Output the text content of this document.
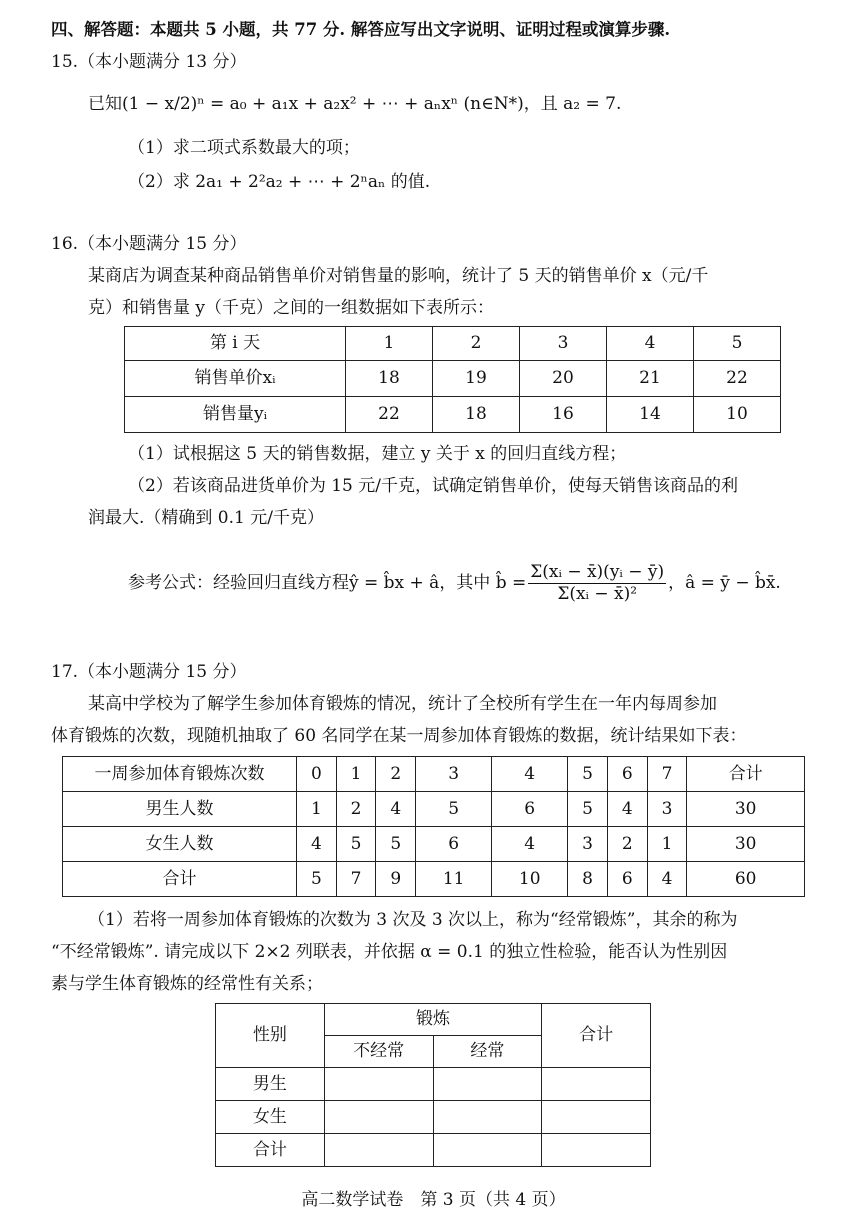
四、解答题：本题共 5 小题，共 77 分. 解答应写出文字说明、证明过程或演算步骤.
15.（本小题满分 13 分）
已知(1 − x/2)ⁿ = a₀ + a₁x + a₂x² + ⋯ + aₙxⁿ (n∈N*)，且 a₂ = 7.
（1）求二项式系数最大的项；
（2）求 2a₁ + 2²a₂ + ⋯ + 2ⁿaₙ 的值.
16.（本小题满分 15 分）
某商店为调查某种商品销售单价对销售量的影响，统计了 5 天的销售单价 x（元/千
克）和销售量 y（千克）之间的一组数据如下表所示：
第 i 天	1	2	3	4	5
销售单价xᵢ	18	19	20	21	22
销售量yᵢ	22	18	16	14	10
（1）试根据这 5 天的销售数据，建立 y 关于 x 的回归直线方程；
（2）若该商品进货单价为 15 元/千克，试确定销售单价，使每天销售该商品的利
润最大.（精确到 0.1 元/千克）
参考公式：经验回归直线方程 ŷ = b̂x + â，其中 b̂ = $\frac{\text{Σ(xᵢ − x̄)(yᵢ − ȳ)}}{\text{Σ(xᵢ − x̄)²}}$ ，â = ȳ − b̂x̄.
17.（本小题满分 15 分）
某高中学校为了解学生参加体育锻炼的情况，统计了全校所有学生在一年内每周参加
体育锻炼的次数，现随机抽取了 60 名同学在某一周参加体育锻炼的数据，统计结果如下表：
一周参加体育锻炼次数	0	1	2	3	4	5	6	7	合计
男生人数	1	2	4	5	6	5	4	3	30
女生人数	4	5	5	6	4	3	2	1	30
合计	5	7	9	11	10	8	6	4	60
（1）若将一周参加体育锻炼的次数为 3 次及 3 次以上，称为“经常锻炼”，其余的称为
“不经常锻炼”. 请完成以下 2×2 列联表，并依据 α = 0.1 的独立性检验，能否认为性别因
素与学生体育锻炼的经常性有关系；
性别	锻炼		合计
	不经常	经常	
男生			
女生			
合计			
高二数学试卷　第 3 页（共 4 页）
